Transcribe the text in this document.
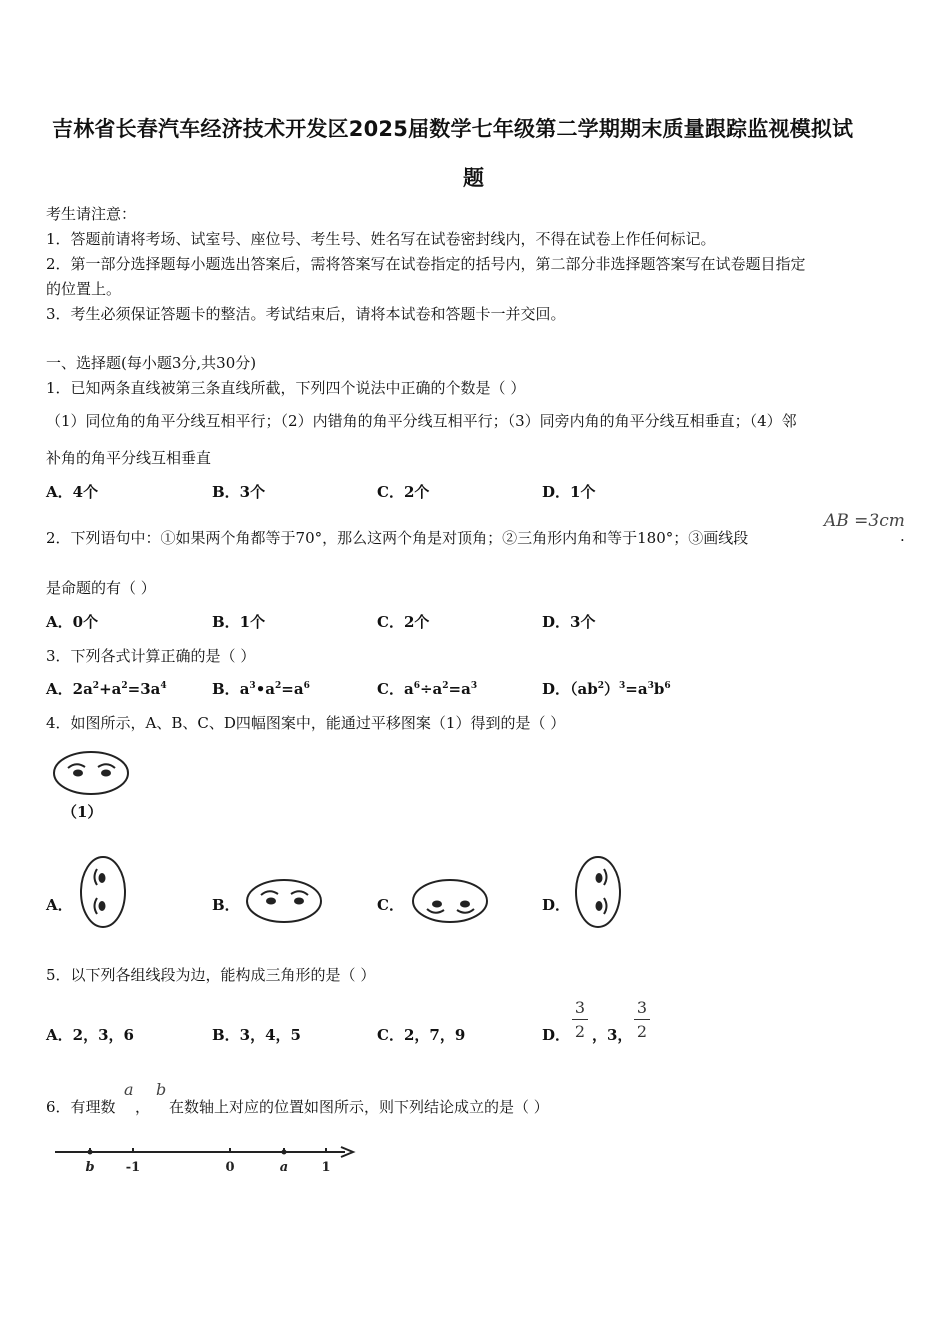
吉林省长春汽车经济技术开发区2025届数学七年级第二学期期末质量跟踪监视模拟试
题
考生请注意：
1．答题前请将考场、试室号、座位号、考生号、姓名写在试卷密封线内，不得在试卷上作任何标记。
2．第一部分选择题每小题选出答案后，需将答案写在试卷指定的括号内，第二部分非选择题答案写在试卷题目指定
的位置上。
3．考生必须保证答题卡的整洁。考试结束后，请将本试卷和答题卡一并交回。
一、选择题(每小题3分,共30分)
1．已知两条直线被第三条直线所截，下列四个说法中正确的个数是（ ）
（1）同位角的角平分线互相平行；（2）内错角的角平分线互相平行；（3）同旁内角的角平分线互相垂直；（4）邻
补角的角平分线互相垂直
A．4个	B．3个	C．2个	D．1个
2．下列语句中：①如果两个角都等于70°，那么这两个角是对顶角；②三角形内角和等于180°；③画线段
AB =3cm
.
是命题的有（ ）
A．0个	B．1个	C．2个	D．3个
3．下列各式计算正确的是（ ）
A．$2a^2+a^2=3a^4$	B．$a^3•a^2=a^6$	C．$a^6\div a^2=a^3$	D．$(ab^2)^3=a^3b^6$
4．如图所示，A、B、C、D四幅图案中，能通过平移图案（1）得到的是（ ）
（1）
A．	B．	C．	D．
5．以下列各组线段为边，能构成三角形的是（ ）
A．2，3，6	B．3，4，5	C．2，7，9	D．
3
2 ，3，
3
2
6．有理数
a
，
b
在数轴上对应的位置如图所示，则下列结论成立的是（ ）
b -1	0	a	1
